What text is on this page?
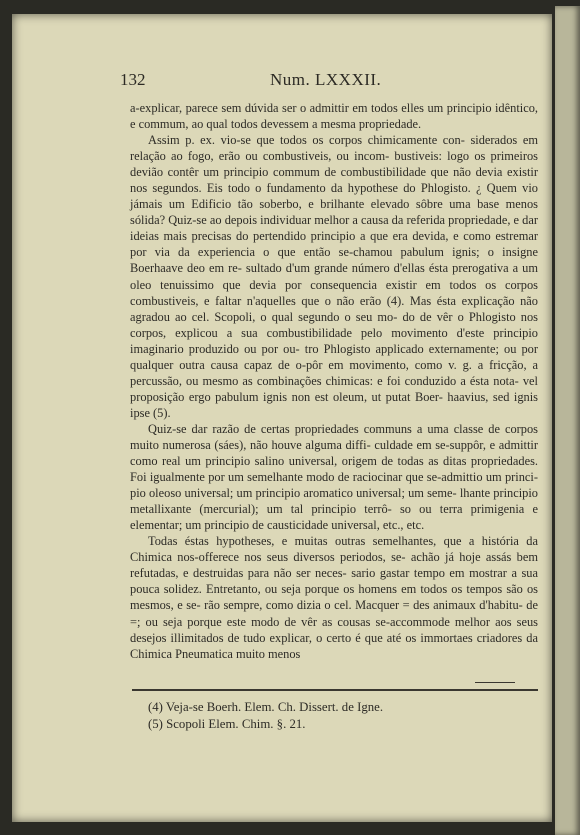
132	Num. LXXXII.

a-explicar, parece sem dúvida ser o admittir em todos elles um principio idêntico, e commum, ao qual todos devessem a mesma propriedade.

Assim p. ex. vio-se que todos os corpos chimicamente con- siderados em relação ao fogo, erão ou combustiveis, ou incom- bustiveis: logo os primeiros devião contêr um principio commum de combustibilidade que não devia existir nos segundos. Eis todo o fundamento da hypothese do Phlogisto. ¿ Quem vio jámais um Edificio tão soberbo, e brilhante elevado sôbre uma base menos sólida? Quiz-se ao depois individuar melhor a causa da referida propriedade, e dar ideias mais precisas do pertendido principio a que era devida, e como estremar por via da experiencia o que então se-chamou pabulum ignis; o insigne Boerhaave deo em re- sultado d'um grande número d'ellas ésta prerogativa a um oleo tenuissimo que devia por consequencia existir em todos os corpos combustiveis, e faltar n'aquelles que o não erão (4). Mas ésta explicação não agradou ao cel. Scopoli, o qual segundo o seu mo- do de vêr o Phlogisto nos corpos, explicou a sua combustibilidade pelo movimento d'este principio imaginario produzido ou por ou- tro Phlogisto applicado externamente; ou por qualquer outra causa capaz de o-pôr em movimento, como v. g. a fricção, a percussão, ou mesmo as combinações chimicas: e foi conduzido a ésta nota- vel proposição ergo pabulum ignis non est oleum, ut putat Boer- haavius, sed ignis ipse (5).

Quiz-se dar razão de certas propriedades communs a uma classe de corpos muito numerosa (sáes), não houve alguma diffi- culdade em se-suppôr, e admittir como real um principio salino universal, origem de todas as ditas propriedades. Foi igualmente por um semelhante modo de raciocinar que se-admittio um princi- pio oleoso universal; um principio aromatico universal; um seme- lhante principio metallixante (mercurial); um tal principio terrô- so ou terra primigenia e elementar; um principio de causticidade universal, etc., etc.

Todas éstas hypotheses, e muitas outras semelhantes, que a história da Chimica nos-offerece nos seus diversos periodos, se- achão já hoje assás bem refutadas, e destruidas para não ser neces- sario gastar tempo em mostrar a sua pouca solidez. Entretanto, ou seja porque os homens em todos os tempos são os mesmos, e se- rão sempre, como dizia o cel. Macquer = des animaux d'habitu- de =; ou seja porque este modo de vêr as cousas se-accommode melhor aos seus desejos illimitados de tudo explicar, o certo é que até os immortaes criadores da Chimica Pneumatica muito menos

(4) Veja-se Boerh. Elem. Ch. Dissert. de Igne.

(5) Scopoli Elem. Chim. §. 21.
